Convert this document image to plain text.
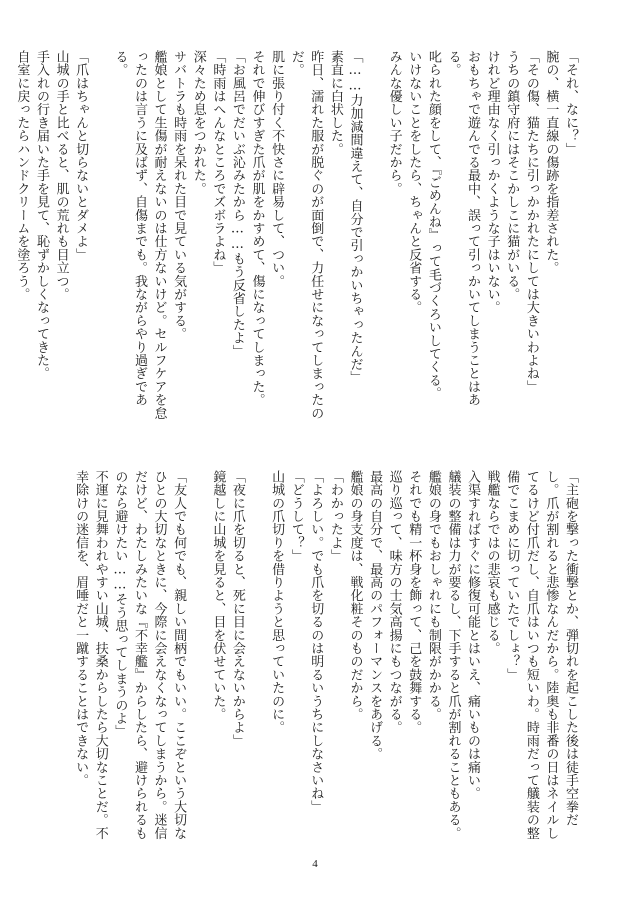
「それ、なに？」
腕の、横一直線の傷跡を指差された。
「その傷、猫たちに引っかかれたにしては大きいわよね」
うちの鎮守府にはそこかしこに猫がいる。
けれど理由なく引っかくような子はいない。
おもちゃで遊んでる最中、誤って引っかいてしまうことはある。
叱られた顔をして、『ごめんね』って毛づくろいしてくる。
いけないことをしたら、ちゃんと反省する。
みんな優しい子だから。

「……力加減間違えて、自分で引っかいちゃったんだ」
素直に白状した。
昨日、濡れた服が脱ぐのが面倒で、力任せになってしまったのだ。
肌に張り付く不快さに辟易して、つい。
それで伸びすぎた爪が肌をかすめて、傷になってしまった。
「お風呂でだいぶ沁みたから……もう反省したよ」
「時雨はへんなところでズボラよね」
深々ため息をつかれた。
サバトラも時雨を呆れた目で見ている気がする。
艦娘として生傷が耐えないのは仕方ないけど。セルフケアを怠ったのは言うに及ばず、自傷までも。我ながらやり過ぎである。

「爪はちゃんと切らないとダメよ」
山城の手と比べると、肌の荒れも目立つ。
手入れの行き届いた手を見て、恥ずかしくなってきた。
自室に戻ったらハンドクリームを塗ろう。
「主砲を撃った衝撃とか、弾切れを起こした後は徒手空拳だし。爪が割れると悲惨なんだから。陸奥も非番の日はネイルしてるけど付爪だし、自爪はいつも短いわ。時雨だって艤装の整備でこまめに切っていたでしょ？」
戦艦ならではの悲哀も感じる。
入渠すればすぐに修復可能とはいえ、痛いものは痛い。
艤装の整備は力が要るし、下手すると爪が割れることもある。
艦娘の身でもおしゃれにも制限がかかる。
それでも精一杯身を飾って、己を鼓舞する。
巡り巡って、味方の士気高揚にもつながる。
最高の自分で、最高のパフォーマンスをあげる。
艦娘の身支度は、戦化粧そのものだから。
「わかったよ」
「よろしい。でも爪を切るのは明るいうちにしなさいね」
「どうして？」
山城の爪切りを借りようと思っていたのに。

「夜に爪を切ると、死に目に会えないからよ」
鏡越しに山城を見ると、目を伏せていた。

「友人でも何でも、親しい間柄でもいい。ここぞという大切なひとの大切なときに、今際に会えなくなってしまうから。迷信だけど、わたしみたいな『不幸艦』からしたら、避けられるものなら避けたい……そう思ってしまうのよ」
不運に見舞われやすい山城、扶桑からしたら大切なことだ。不幸除けの迷信を、眉唾だと一蹴することはできない。
4
